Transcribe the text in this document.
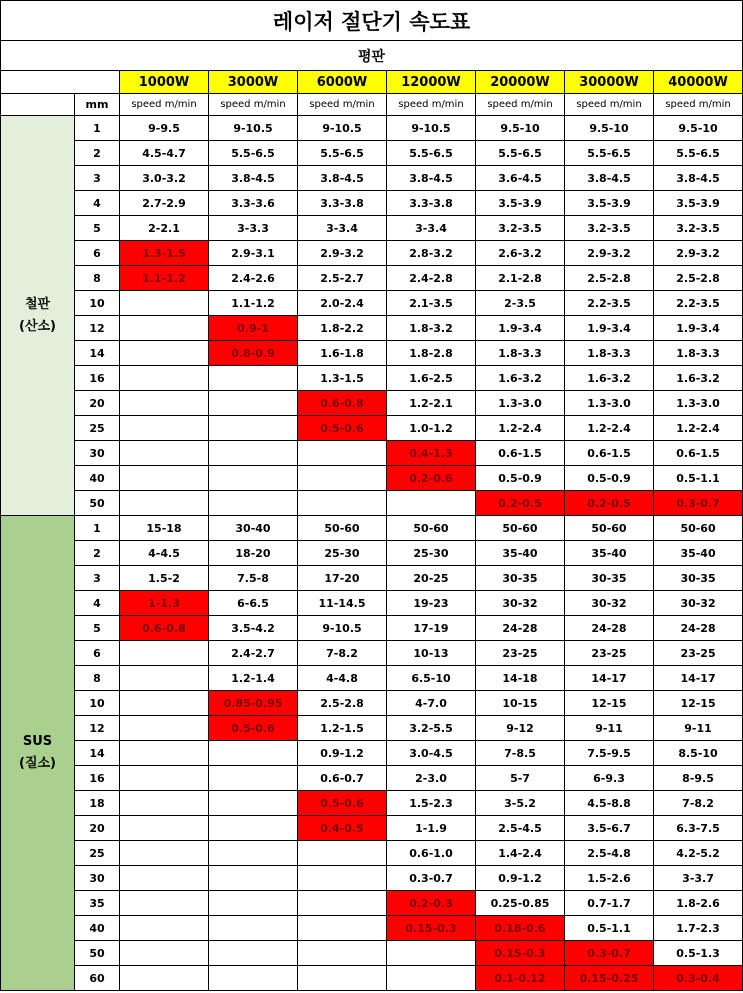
레이저 절단기 속도표								
평판								
		1000W	3000W	6000W	12000W	20000W	30000W	40000W
	mm	speed m/min	speed m/min	speed m/min	speed m/min	speed m/min	speed m/min	speed m/min

철판
(산소)	1	9-9.5	9-10.5	9-10.5	9-10.5	9.5-10	9.5-10	9.5-10
	2	4.5-4.7	5.5-6.5	5.5-6.5	5.5-6.5	5.5-6.5	5.5-6.5	5.5-6.5
	3	3.0-3.2	3.8-4.5	3.8-4.5	3.8-4.5	3.6-4.5	3.8-4.5	3.8-4.5
	4	2.7-2.9	3.3-3.6	3.3-3.8	3.3-3.8	3.5-3.9	3.5-3.9	3.5-3.9
	5	2-2.1	3-3.3	3-3.4	3-3.4	3.2-3.5	3.2-3.5	3.2-3.5
	6	1.3-1.5	2.9-3.1	2.9-3.2	2.8-3.2	2.6-3.2	2.9-3.2	2.9-3.2
	8	1.1-1.2	2.4-2.6	2.5-2.7	2.4-2.8	2.1-2.8	2.5-2.8	2.5-2.8
	10		1.1-1.2	2.0-2.4	2.1-3.5	2-3.5	2.2-3.5	2.2-3.5
	12		0.9-1	1.8-2.2	1.8-3.2	1.9-3.4	1.9-3.4	1.9-3.4
	14		0.8-0.9	1.6-1.8	1.8-2.8	1.8-3.3	1.8-3.3	1.8-3.3
	16			1.3-1.5	1.6-2.5	1.6-3.2	1.6-3.2	1.6-3.2
	20			0.6-0.8	1.2-2.1	1.3-3.0	1.3-3.0	1.3-3.0
	25			0.5-0.6	1.0-1.2	1.2-2.4	1.2-2.4	1.2-2.4
	30				0.4-1.3	0.6-1.5	0.6-1.5	0.6-1.5
	40				0.2-0.6	0.5-0.9	0.5-0.9	0.5-1.1
	50					0.2-0.5	0.2-0.5	0.3-0.7

SUS
(질소)	1	15-18	30-40	50-60	50-60	50-60	50-60	50-60
	2	4-4.5	18-20	25-30	25-30	35-40	35-40	35-40
	3	1.5-2	7.5-8	17-20	20-25	30-35	30-35	30-35
	4	1-1.3	6-6.5	11-14.5	19-23	30-32	30-32	30-32
	5	0.6-0.8	3.5-4.2	9-10.5	17-19	24-28	24-28	24-28
	6		2.4-2.7	7-8.2	10-13	23-25	23-25	23-25
	8		1.2-1.4	4-4.8	6.5-10	14-18	14-17	14-17
	10		0.85-0.95	2.5-2.8	4-7.0	10-15	12-15	12-15
	12		0.5-0.6	1.2-1.5	3.2-5.5	9-12	9-11	9-11
	14			0.9-1.2	3.0-4.5	7-8.5	7.5-9.5	8.5-10
	16			0.6-0.7	2-3.0	5-7	6-9.3	8-9.5
	18			0.5-0.6	1.5-2.3	3-5.2	4.5-8.8	7-8.2
	20			0.4-0.5	1-1.9	2.5-4.5	3.5-6.7	6.3-7.5
	25				0.6-1.0	1.4-2.4	2.5-4.8	4.2-5.2
	30				0.3-0.7	0.9-1.2	1.5-2.6	3-3.7
	35				0.2-0.3	0.25-0.85	0.7-1.7	1.8-2.6
	40				0.15-0.3	0.18-0.6	0.5-1.1	1.7-2.3
	50					0.15-0.3	0.3-0.7	0.5-1.3
	60					0.1-0.12	0.15-0.25	0.3-0.4
